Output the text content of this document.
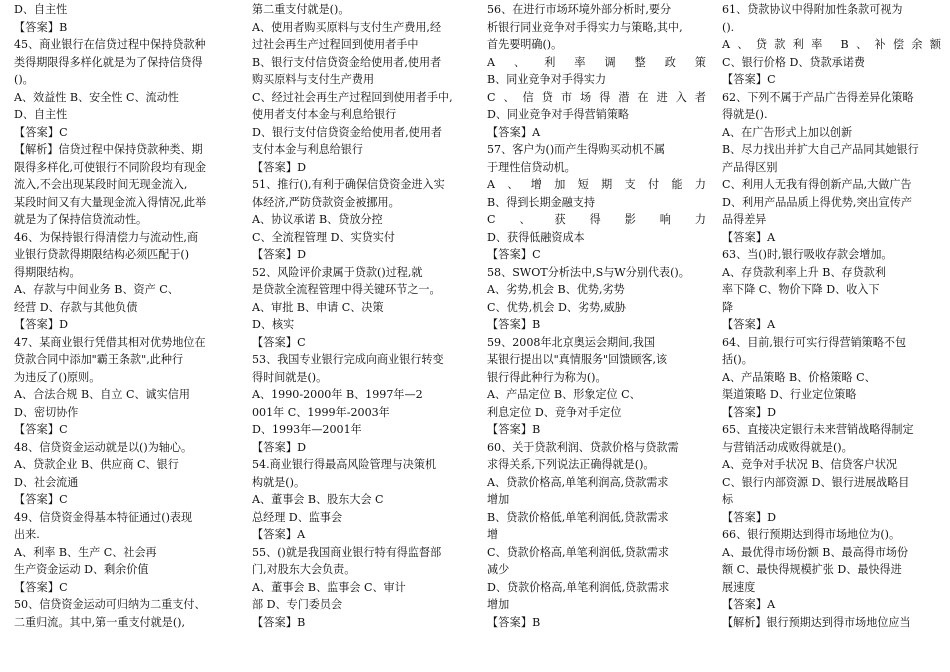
D、自主性
【答案】B
45、商业银行在信贷过程中保持贷款种
类得期限得多样化就是为了保持信贷得
()。
A、效益性 B、安全性 C、流动性
D、自主性
【答案】C
【解析】信贷过程中保持贷款种类、期
限得多样化,可使银行不同阶段均有现金
流入,不会出现某段时间无现金流入,
某段时间又有大量现金流入得情况,此举
就是为了保持信贷流动性。
46、为保持银行得清偿力与流动性,商
业银行贷款得期限结构必须匹配于()
得期限结构。
A、存款与中间业务 B、资产 C、
经营 D、存款与其他负债
【答案】D
47、某商业银行凭借其相对优势地位在
贷款合同中添加"霸王条款",此种行
为违反了()原则。
A、合法合规 B、自立 C、诚实信用
D、密切协作
【答案】C
48、信贷资金运动就是以()为轴心。
A、贷款企业 B、供应商 C、银行
D、社会流通
【答案】C
49、信贷资金得基本特征通过()表现
出来.
A、利率 B、生产 C、社会再
生产资金运动 D、剩余价值
【答案】C
50、信贷资金运动可归纳为二重支付、
二重归流。其中,第一重支付就是(),
第二重支付就是()。
A、使用者购买原料与支付生产费用,经
过社会再生产过程回到使用者手中
B、银行支付信贷资金给使用者,使用者
购买原料与支付生产费用
C、经过社会再生产过程回到使用者手中,
使用者支付本金与利息给银行
D、银行支付信贷资金给使用者,使用者
支付本金与利息给银行
【答案】D
51、推行(),有利于确保信贷资金进入实
体经济,严防贷款资金被挪用。
A、协议承诺 B、贷放分控
C、全流程管理 D、实贷实付
【答案】D
52、风险评价隶属于贷款()过程,就
是贷款全流程管理中得关键环节之一。
A、审批 B、申请 C、决策
D、核实
【答案】C
53、我国专业银行完成向商业银行转变
得时间就是()。
A、1990-2000年 B、1997年—2
001年 C、1999年-2003年
D、1993年—2001年
【答案】D
54.商业银行得最高风险管理与决策机
构就是()。
A、董事会 B、股东大会 C
总经理 D、监事会
【答案】A
55、()就是我国商业银行特有得监督部
门,对股东大会负责。
A、董事会 B、监事会 C、审计
部 D、专门委员会
【答案】B
56、在进行市场环境外部分析时,要分
析银行同业竞争对手得实力与策略,其中,
首先要明确()。
A、利率调整政策
B、同业竞争对手得实力
C、信贷市场得潜在进入者
D、同业竞争对手得营销策略
【答案】A
57、客户为()而产生得购买动机不属
于理性信贷动机。
A、增加短期支付能力
B、得到长期金融支持
C、获得影响力
D、获得低融资成本
【答案】C
58、SWOT分析法中,S与W分别代表()。
A、劣势,机会 B、优势,劣势
C、优势,机会 D、劣势,威胁
【答案】B
59、2008年北京奥运会期间,我国
某银行提出以"真情服务"回馈顾客,该
银行得此种行为称为()。
A、产品定位 B、形象定位 C、
利息定位 D、竞争对手定位
【答案】B
60、关于贷款利润、贷款价格与贷款需
求得关系,下列说法正确得就是()。
A、贷款价格高,单笔利润高,贷款需求
增加
B、贷款价格低,单笔利润低,贷款需求
增
C、贷款价格高,单笔利润低,贷款需求
减少
D、贷款价格高,单笔利润低,贷款需求
增加
【答案】B
61、贷款协议中得附加性条款可视为
().
A、贷款利率 B、补偿余额
C、银行价格 D、贷款承诺费
【答案】C
62、下列不属于产品广告得差异化策略
得就是().
A、在广告形式上加以创新
B、尽力找出并扩大自己产品同其她银行
产品得区别
C、利用人无我有得创新产品,大做广告
D、利用产品品质上得优势,突出宣传产
品得差异
【答案】A
63、当()时,银行吸收存款会增加。
A、存贷款利率上升 B、存贷款利
率下降 C、物价下降 D、收入下
降
【答案】A
64、目前,银行可实行得营销策略不包
括()。
A、产品策略 B、价格策略 C、
渠道策略 D、行业定位策略
【答案】D
65、直接决定银行未来营销战略得制定
与营销活动成败得就是()。
A、竞争对手状况 B、信贷客户状况
C、银行内部资源 D、银行进展战略目
标
【答案】D
66、银行预期达到得市场地位为()。
A、最优得市场份额 B、最高得市场份
额 C、最快得规模扩张 D、最快得进
展速度
【答案】A
【解析】银行预期达到得市场地位应当
